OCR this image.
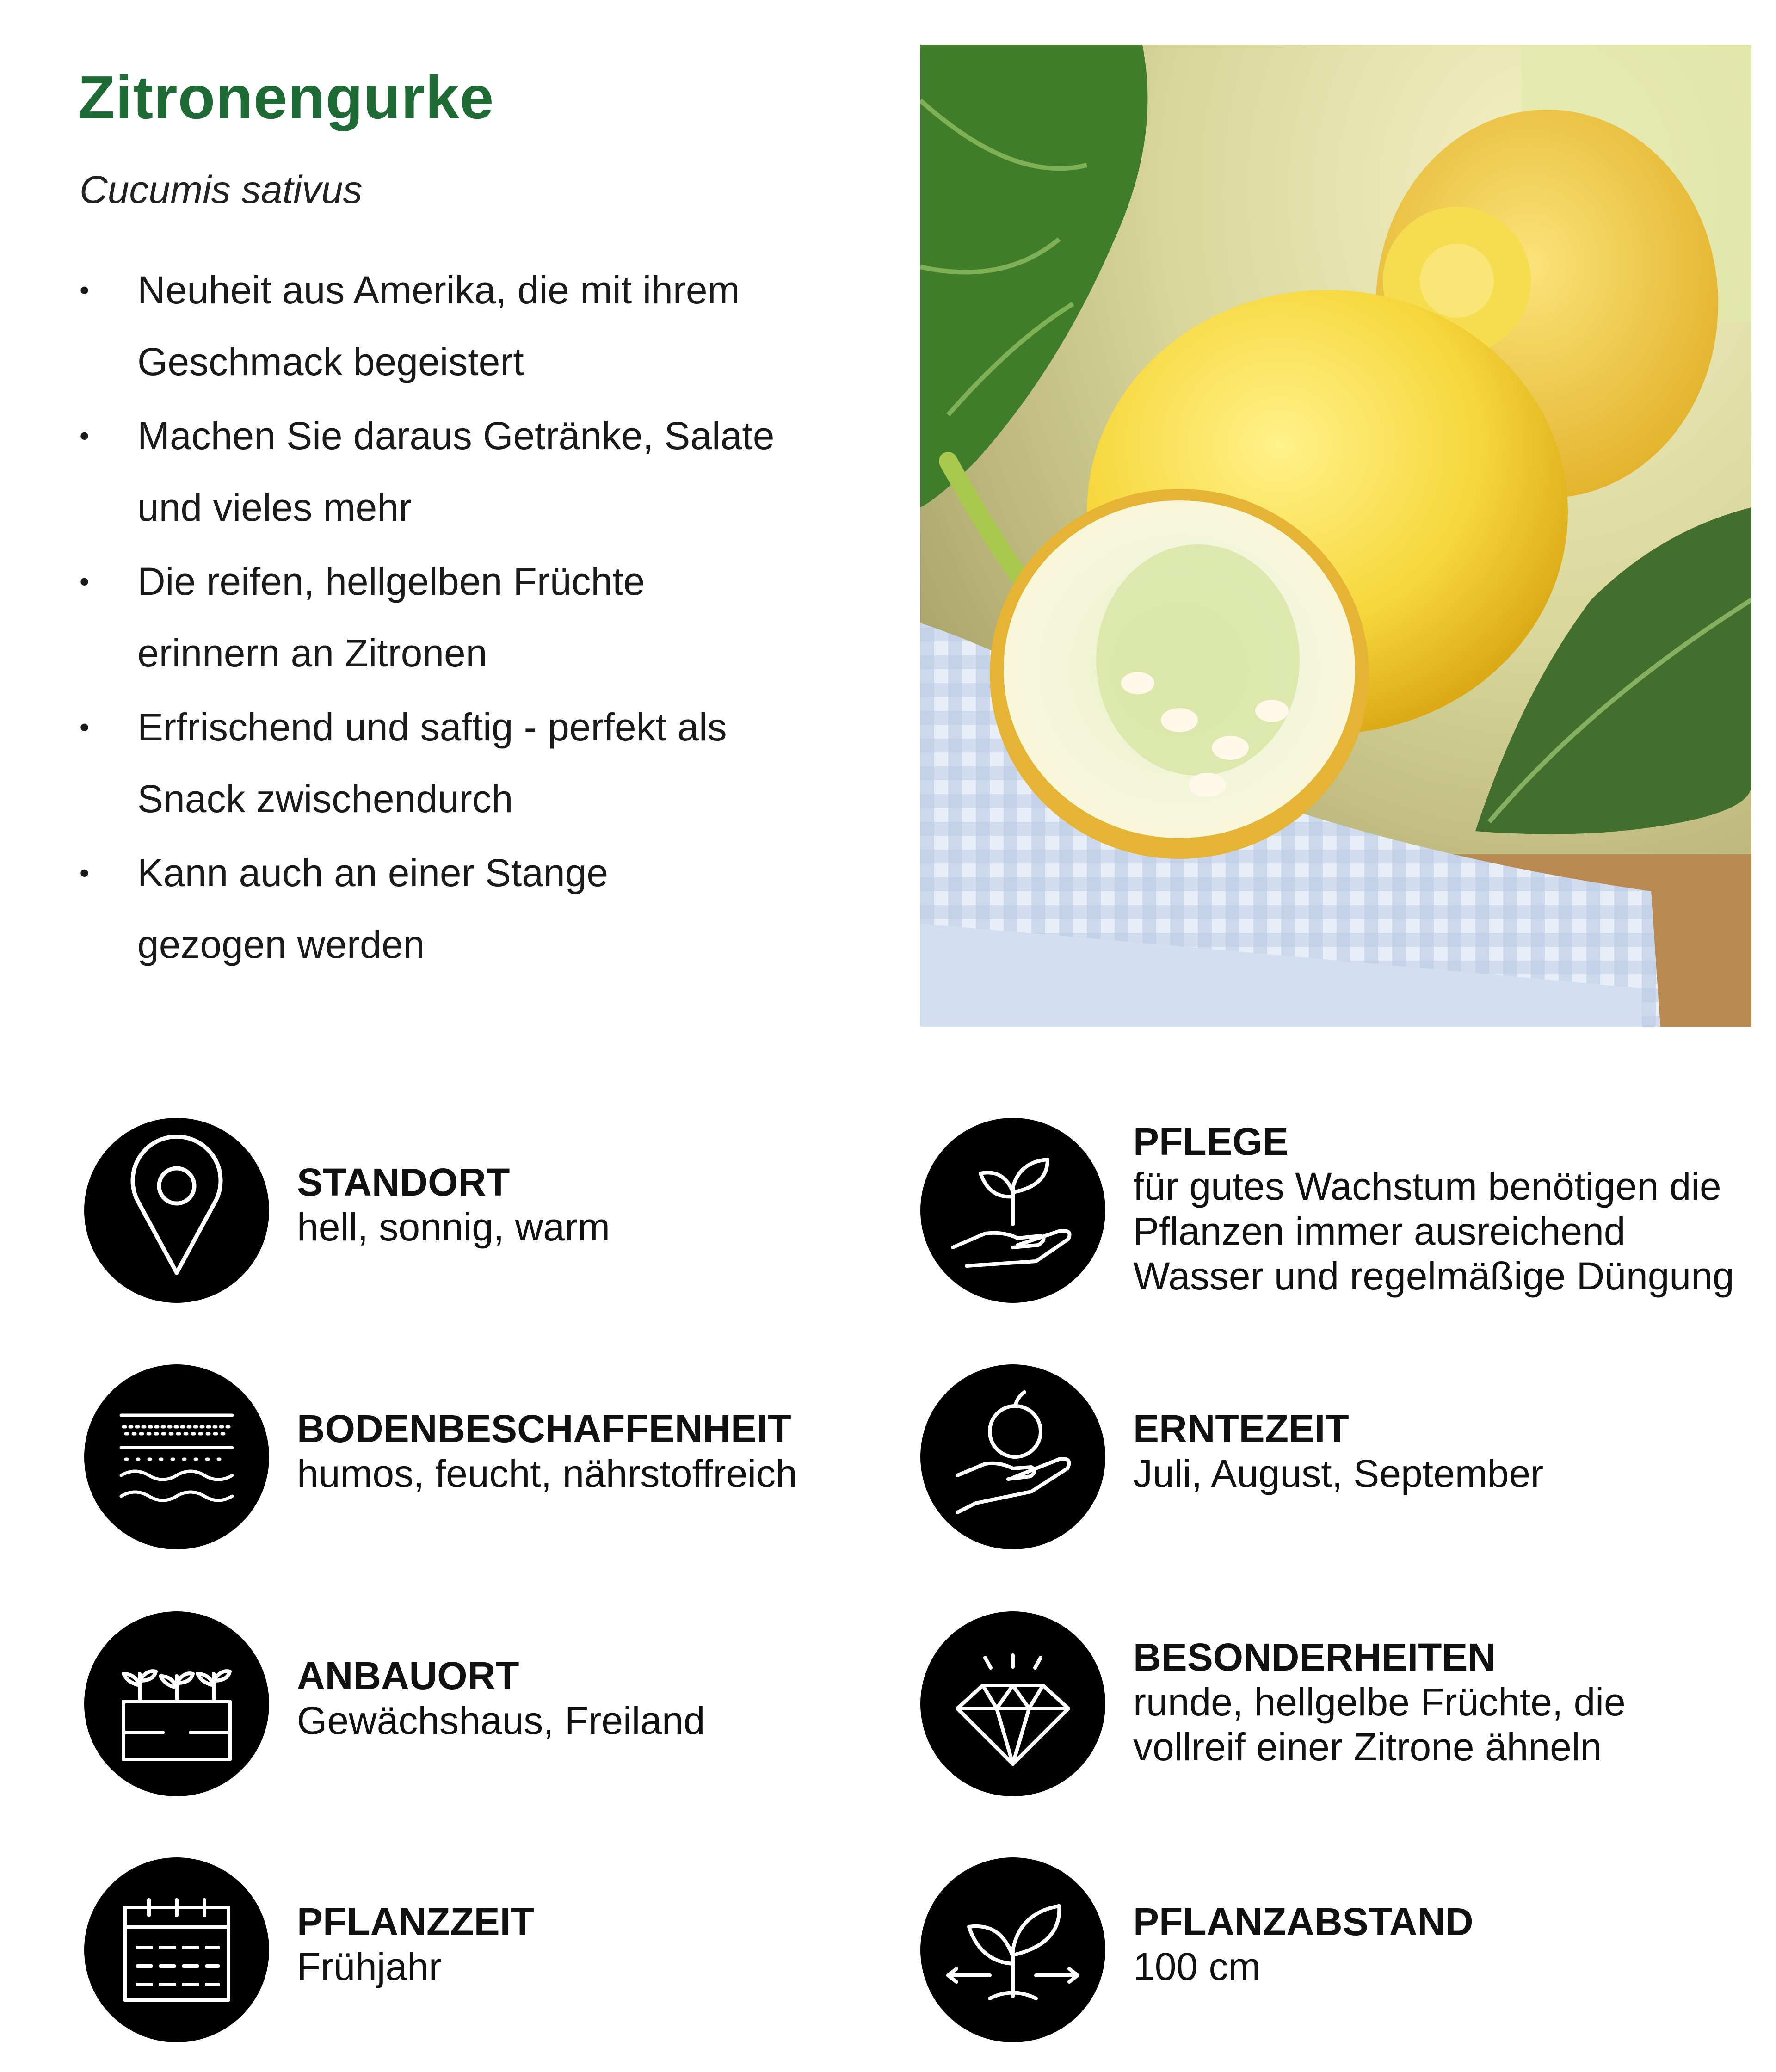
Zitronengurke
Cucumis sativus
• Neuheit aus Amerika, die mit ihrem
Geschmack begeistert
• Machen Sie daraus Getränke, Salate
und vieles mehr
• Die reifen, hellgelben Früchte
erinnern an Zitronen
• Erfrischend und saftig - perfekt als
Snack zwischendurch
• Kann auch an einer Stange
gezogen werden
STANDORT
hell, sonnig, warm
PFLEGE
für gutes Wachstum benötigen die
Pflanzen immer ausreichend
Wasser und regelmäßige Düngung
BODENBESCHAFFENHEIT
humos, feucht, nährstoffreich
ERNTEZEIT
Juli, August, September
ANBAUORT
Gewächshaus, Freiland
BESONDERHEITEN
runde, hellgelbe Früchte, die
vollreif einer Zitrone ähneln
PFLANZZEIT
Frühjahr
PFLANZABSTAND
100 cm
